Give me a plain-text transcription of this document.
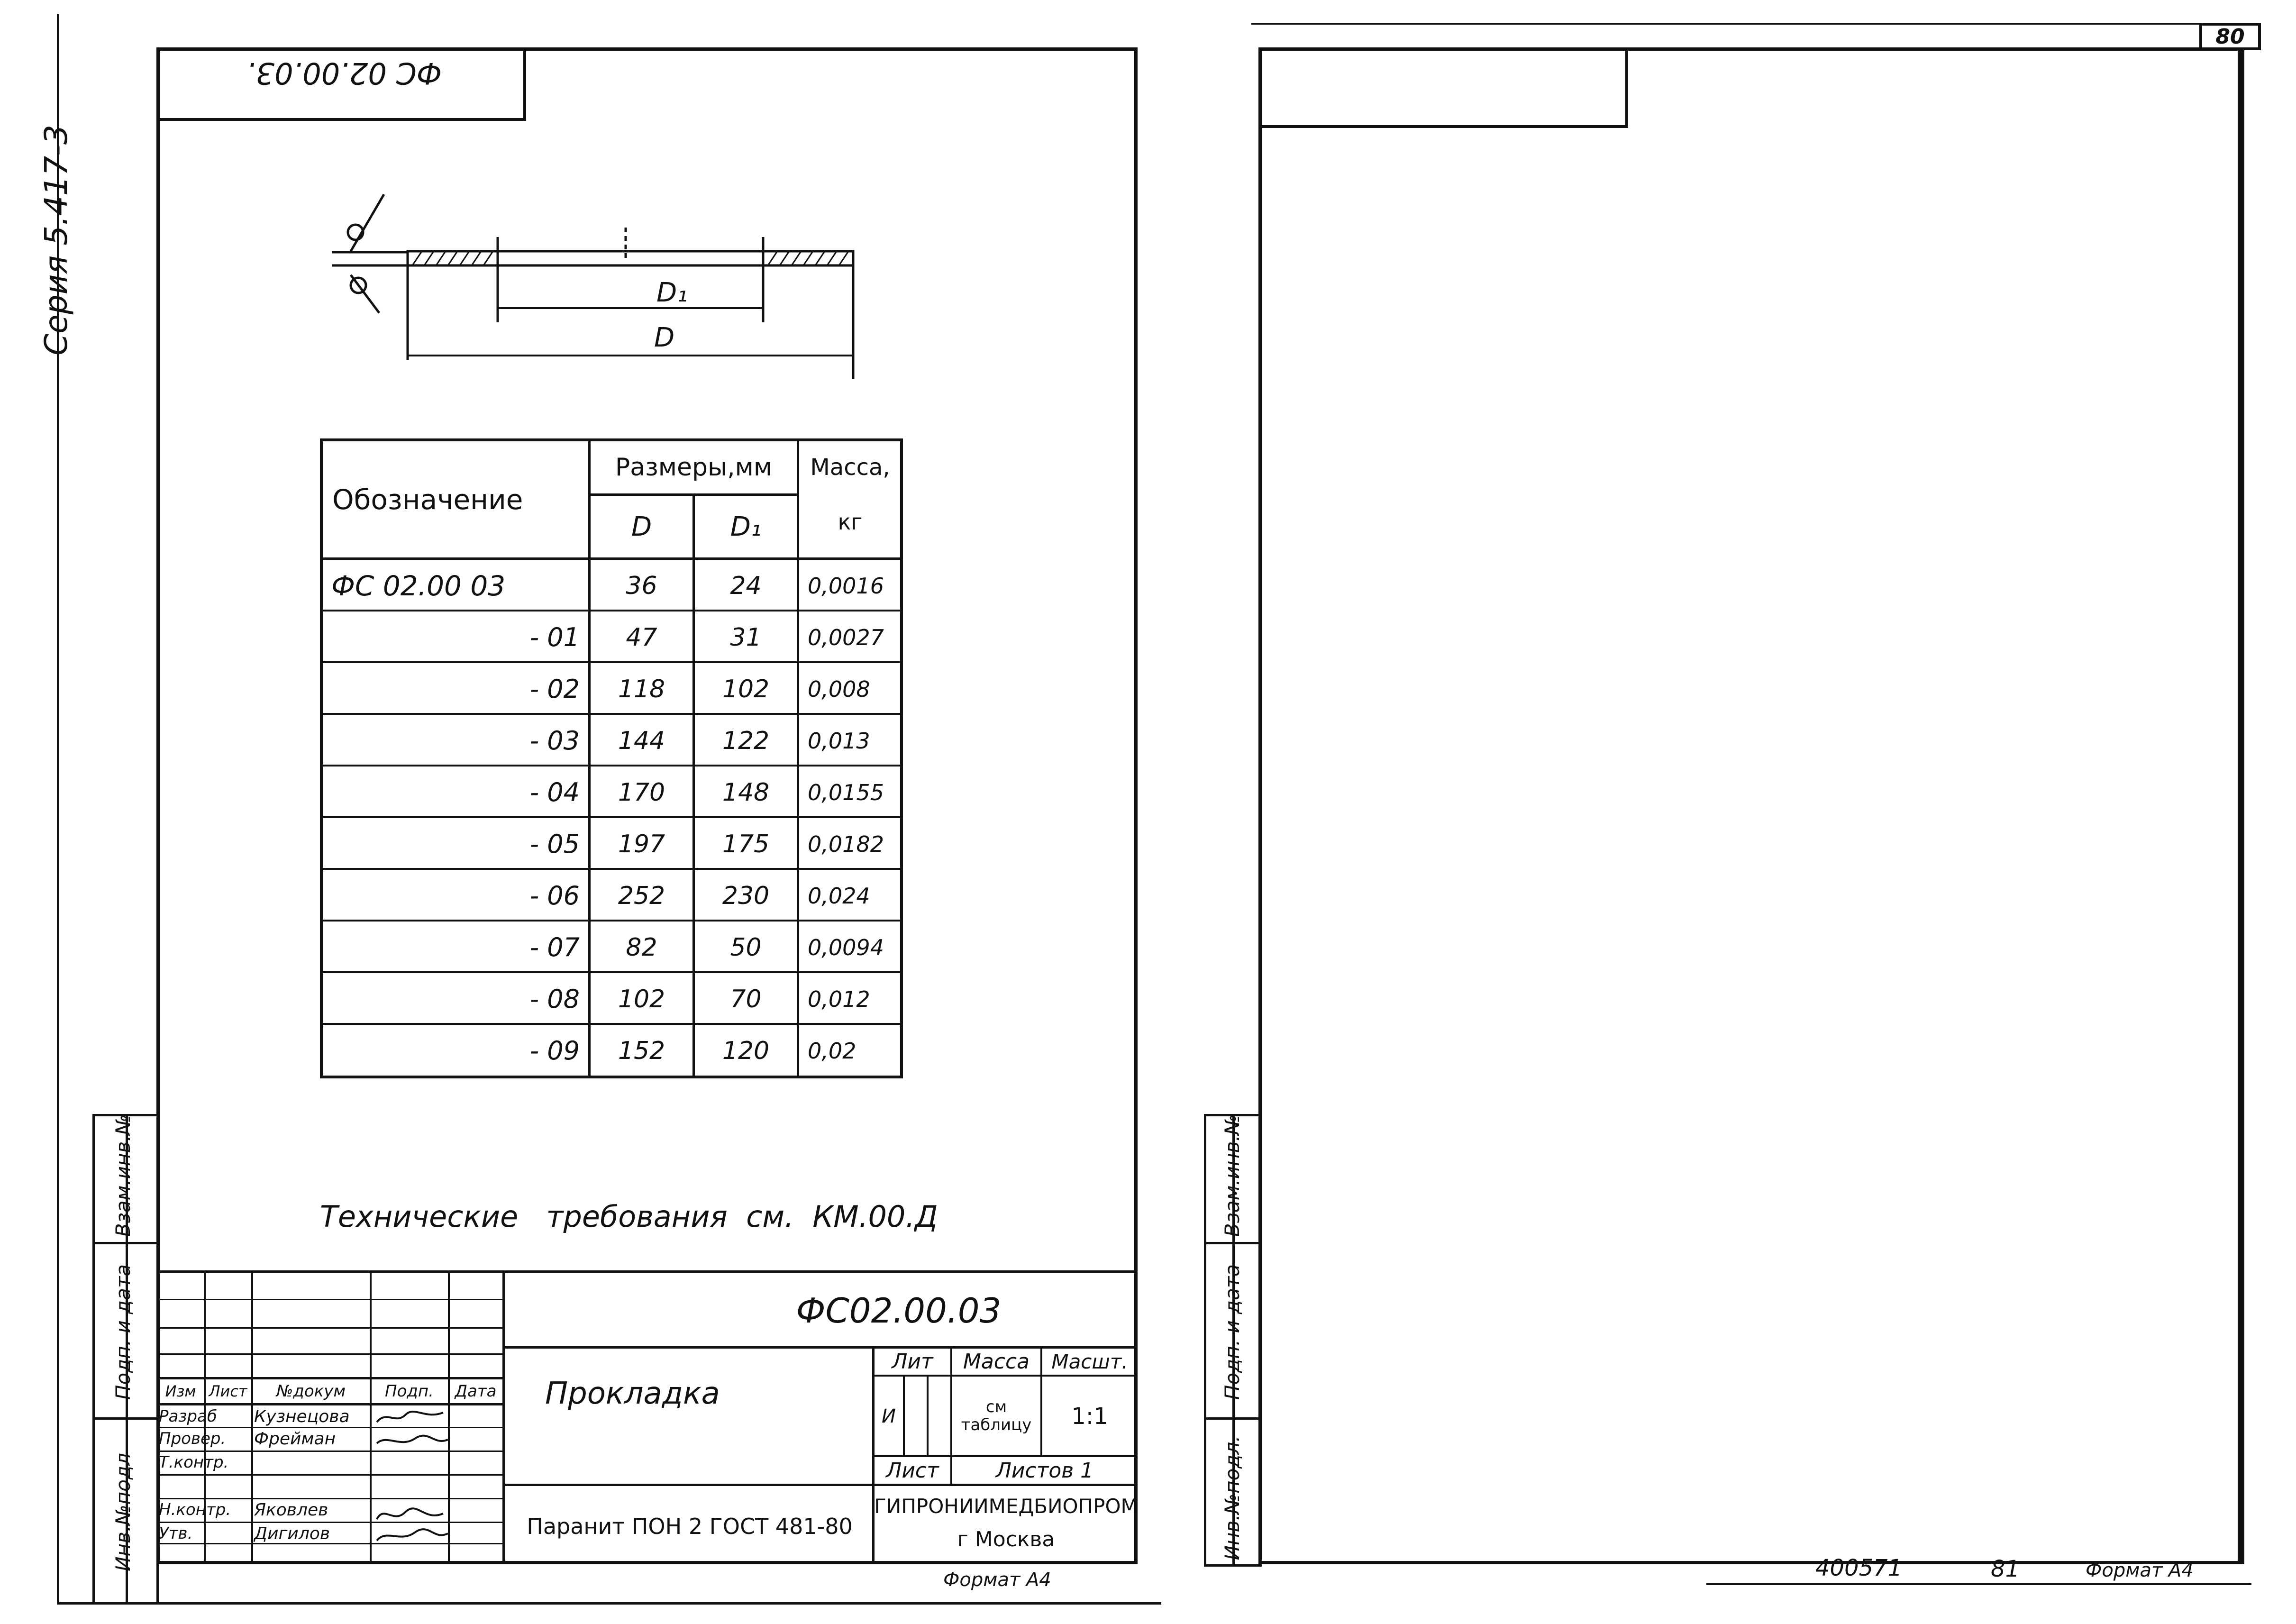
ФС 02.00.03.
Серия 5.417-3	D₁
D
Обозначение
Размеры,мм
D	D₁
Масса,
кг
ФС 02.00 03	36	24	0,0016
- 01	47	31	0,0027
- 02	118	102	0,008
- 03	144	122	0,013
- 04	170	148	0,0155
- 05	197	175	0,0182
- 06	252	230	0,024
- 07	82	50	0,0094
- 08	102	70	0,012
- 09	152	120	0,02
Технические   требования  см.  КМ.00.Д
Взам.инв.№
Подп. и дата
Инв.№подл
Изм Лист	№докум	Подп.	Дата
Разраб	Кузнецова
Провер.	Фрейман
Т.контр.
Н.контр.	Яковлев
Утв.	Дигилов
ФС02.00.03
Прокладка
Паранит ПОН 2 ГОСТ 481-80
Лит	Масса	Масшт.
И	см таблицу	1:1
Лист	Листов 1
ГИПРОНИИМЕДБИОПРОМ
г Москва
Формат А4
80
Взам.инв.№
Подп. и дата
Инв.№подл.
400571	81	Формат А4
